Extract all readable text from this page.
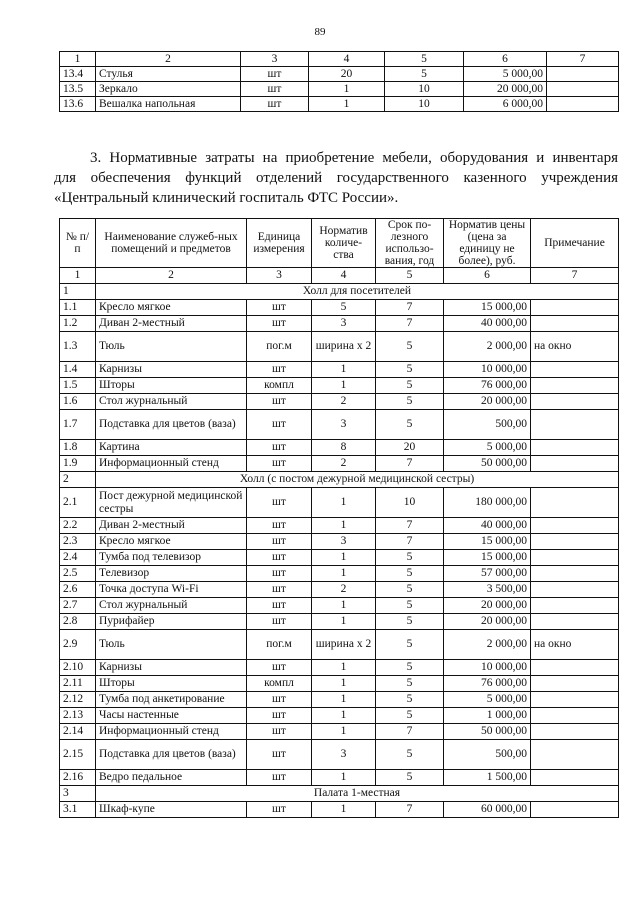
89
1	2	3	4	5	6	7
13.4	Стулья	шт	20	5	5 000,00	
13.5	Зеркало	шт	1	10	20 000,00	
13.6	Вешалка напольная	шт	1	10	6 000,00	
3. Нормативные затраты на приобретение мебели, оборудования и инвентаря
для обеспечения функций отделений государственного казенного учреждения
«Центральный клинический госпиталь ФТС России».
№ п/п	Наименование служеб-ных помещений и предметов	Единица измерения	Норматив количе-ства	Срок по-лезного использо-вания, год	Норматив цены (цена за единицу не более), руб.	Примечание
1	2	3	4	5	6	7
1	Холл для посетителей					
1.1	Кресло мягкое	шт	5	7	15 000,00	
1.2	Диван 2-местный	шт	3	7	40 000,00	
1.3	Тюль	пог.м	ширина х 2	5	2 000,00	на окно
1.4	Карнизы	шт	1	5	10 000,00	
1.5	Шторы	компл	1	5	76 000,00	
1.6	Стол журнальный	шт	2	5	20 000,00	
1.7	Подставка для цветов (ваза)	шт	3	5	500,00	
1.8	Картина	шт	8	20	5 000,00	
1.9	Информационный стенд	шт	2	7	50 000,00	
2	Холл (с постом дежурной медицинской сестры)					
2.1	Пост дежурной медицинской сестры	шт	1	10	180 000,00	
2.2	Диван 2-местный	шт	1	7	40 000,00	
2.3	Кресло мягкое	шт	3	7	15 000,00	
2.4	Тумба под телевизор	шт	1	5	15 000,00	
2.5	Телевизор	шт	1	5	57 000,00	
2.6	Точка доступа Wi-Fi	шт	2	5	3 500,00	
2.7	Стол журнальный	шт	1	5	20 000,00	
2.8	Пурифайер	шт	1	5	20 000,00	
2.9	Тюль	пог.м	ширина х 2	5	2 000,00	на окно
2.10	Карнизы	шт	1	5	10 000,00	
2.11	Шторы	компл	1	5	76 000,00	
2.12	Тумба под анкетирование	шт	1	5	5 000,00	
2.13	Часы настенные	шт	1	5	1 000,00	
2.14	Информационный стенд	шт	1	7	50 000,00	
2.15	Подставка для цветов (ваза)	шт	3	5	500,00	
2.16	Ведро педальное	шт	1	5	1 500,00	
3	Палата 1-местная					
3.1	Шкаф-купе	шт	1	7	60 000,00	
